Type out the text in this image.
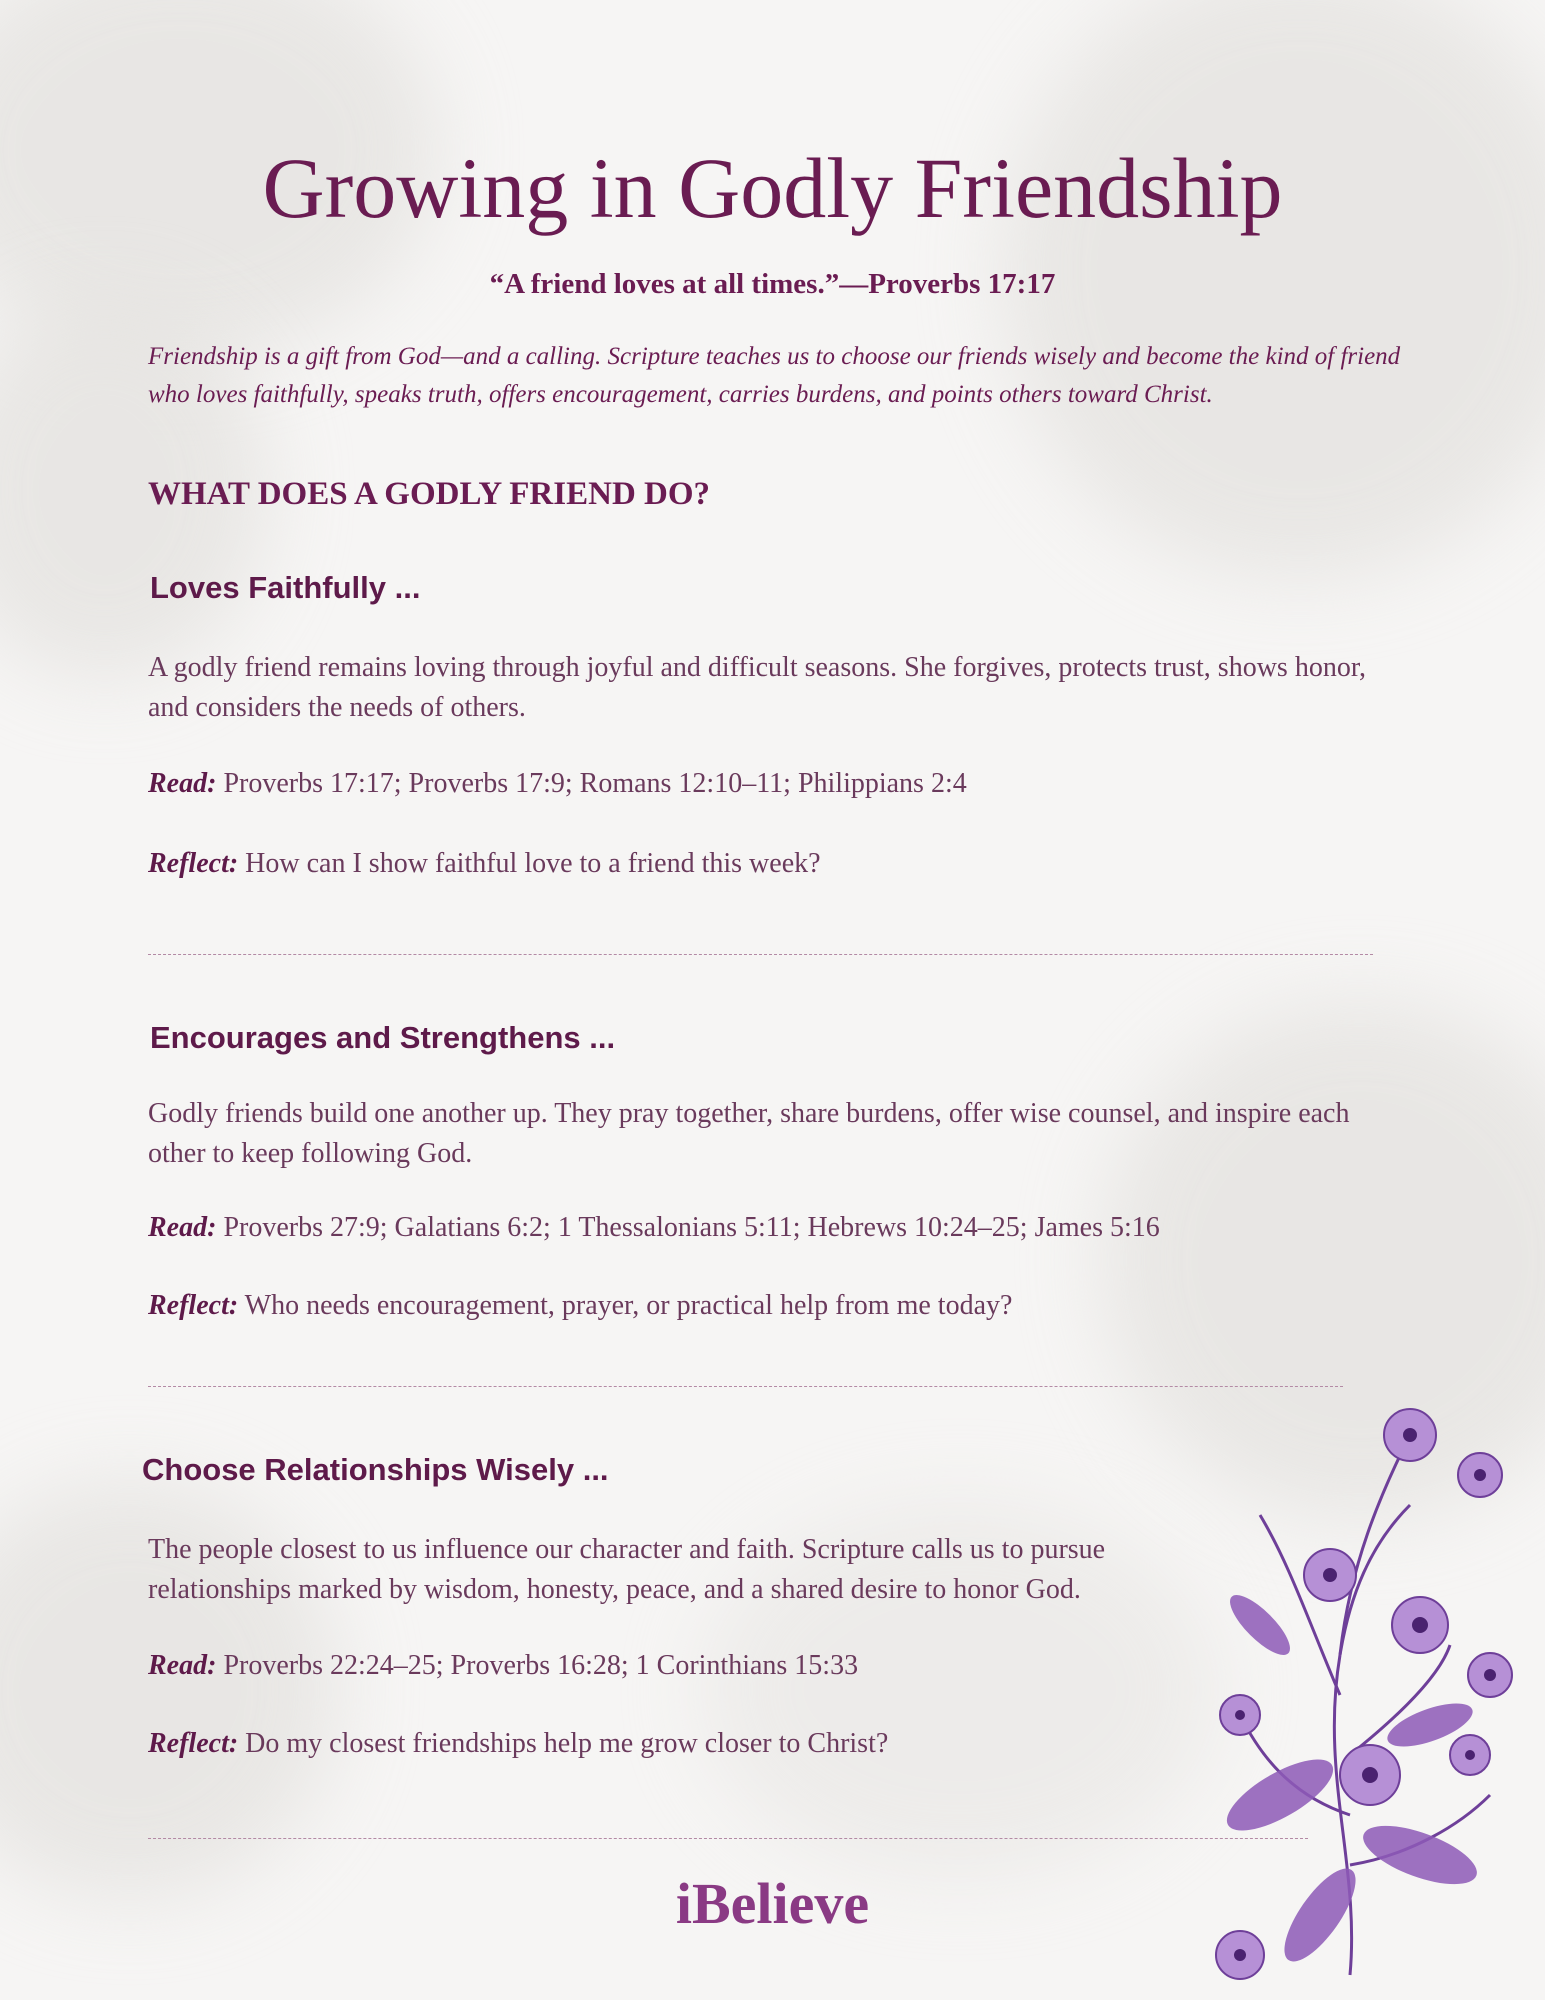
Growing in Godly Friendship
“A friend loves at all times.”—Proverbs 17:17
Friendship is a gift from God—and a calling. Scripture teaches us to choose our friends wisely and become the kind of friend who loves faithfully, speaks truth, offers encouragement, carries burdens, and points others toward Christ.
WHAT DOES A GODLY FRIEND DO?
Loves Faithfully ...
A godly friend remains loving through joyful and difficult seasons. She forgives, protects trust, shows honor, and considers the needs of others.
Read: Proverbs 17:17; Proverbs 17:9; Romans 12:10–11; Philippians 2:4
Reflect: How can I show faithful love to a friend this week?
Encourages and Strengthens ...
Godly friends build one another up. They pray together, share burdens, offer wise counsel, and inspire each other to keep following God.
Read: Proverbs 27:9; Galatians 6:2; 1 Thessalonians 5:11; Hebrews 10:24–25; James 5:16
Reflect: Who needs encouragement, prayer, or practical help from me today?
Choose Relationships Wisely ...
The people closest to us influence our character and faith. Scripture calls us to pursue relationships marked by wisdom, honesty, peace, and a shared desire to honor God.
Read: Proverbs 22:24–25; Proverbs 16:28; 1 Corinthians 15:33
Reflect: Do my closest friendships help me grow closer to Christ?
iBelieve
